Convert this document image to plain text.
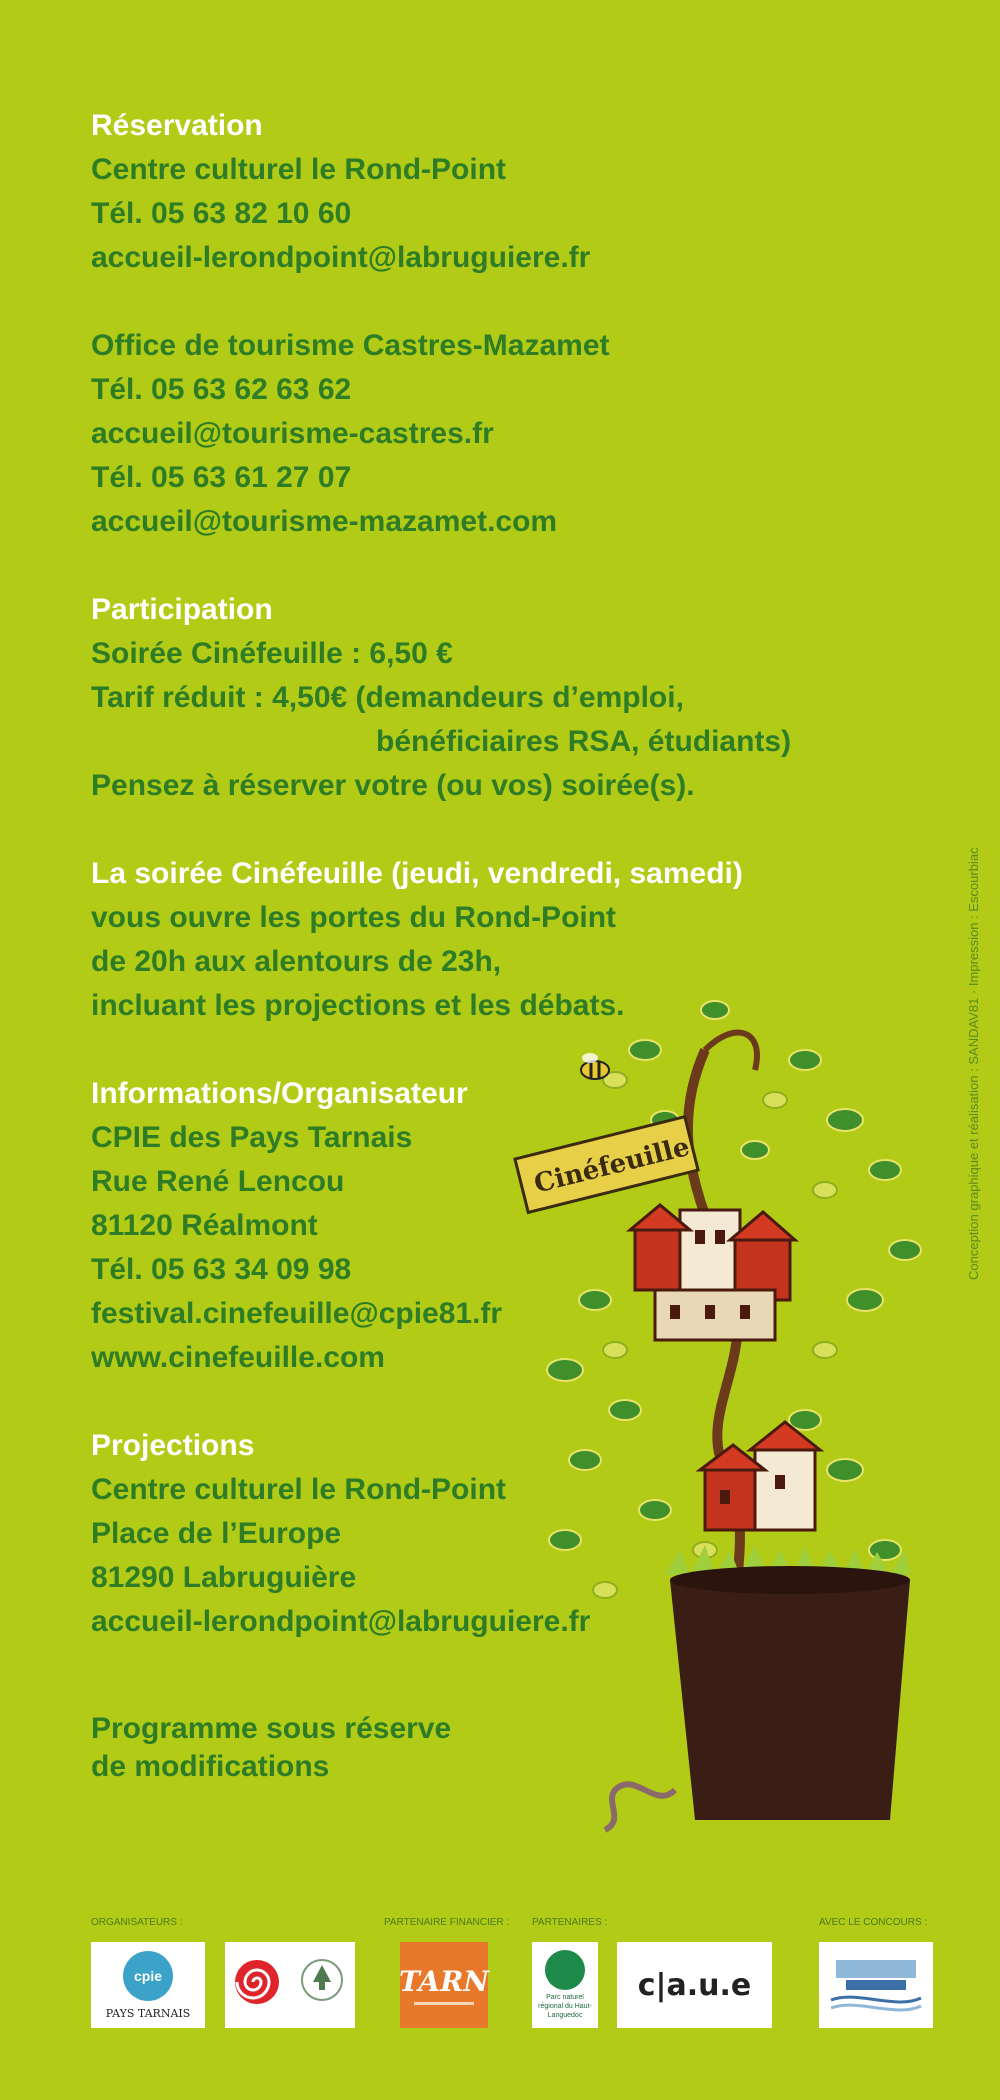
Réservation
Centre culturel le Rond-Point
Tél. 05 63 82 10 60
accueil-lerondpoint@labruguiere.fr
Office de tourisme Castres-Mazamet
Tél. 05 63 62 63 62
accueil@tourisme-castres.fr
Tél. 05 63 61 27 07
accueil@tourisme-mazamet.com
Participation
Soirée Cinéfeuille : 6,50 €
Tarif réduit : 4,50€ (demandeurs d’emploi,
bénéficiaires RSA, étudiants)
Pensez à réserver votre (ou vos) soirée(s).
La soirée Cinéfeuille (jeudi, vendredi, samedi)
vous ouvre les portes du Rond-Point
de 20h aux alentours de 23h,
incluant les projections et les débats.
Informations/Organisateur
CPIE des Pays Tarnais
Rue René Lencou
81120 Réalmont
Tél. 05 63 34 09 98
festival.cinefeuille@cpie81.fr
www.cinefeuille.com
Projections
Centre culturel le Rond-Point
Place de l’Europe
81290 Labruguière
accueil-lerondpoint@labruguiere.fr
Programme sous réserve
de modifications
Conception graphique et réalisation : SANDAV81 · Impression : Escourbiac
Cinéfeuille
ORGANISATEURS :	PARTENAIRE FINANCIER : PARTENAIRES :	AVEC LE CONCOURS :
cpie
PAYS TARNAIS
TARN	Parc naturel régional du Haut-Languedoc
c|a.u.e
